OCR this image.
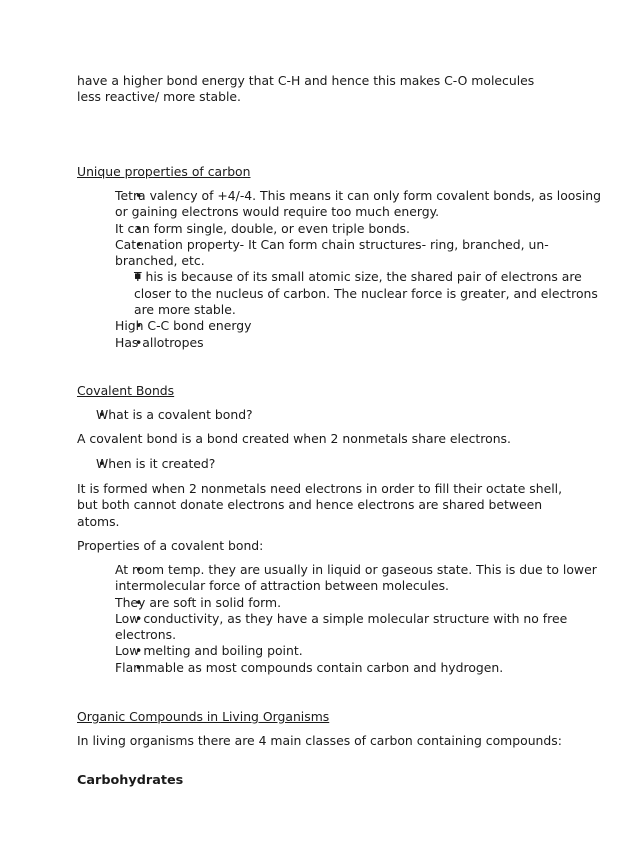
have a higher bond energy that C-H and hence this makes C-O molecules
less reactive/ more stable.

Unique properties of carbon

• Tetra valency of +4/-4. This means it can only form covalent bonds, as loosing or gaining electrons would require too much energy.
• It can form single, double, or even triple bonds.
• Catenation property- It Can form chain structures- ring, branched, un-branched, etc.
▪ T his is because of its small atomic size, the shared pair of electrons are closer to the nucleus of carbon. The nuclear force is greater, and electrons are more stable.
• High C-C bond energy
• Has allotropes

Covalent Bonds

• What is a covalent bond?

A covalent bond is a bond created when 2 nonmetals share electrons.

• When is it created?

It is formed when 2 nonmetals need electrons in order to fill their octate shell, but both cannot donate electrons and hence electrons are shared between atoms.

Properties of a covalent bond:

• At room temp. they are usually in liquid or gaseous state. This is due to lower intermolecular force of attraction between molecules.
• They are soft in solid form.
• Low conductivity, as they have a simple molecular structure with no free electrons.
• Low melting and boiling point.
• Flammable as most compounds contain carbon and hydrogen.

Organic Compounds in Living Organisms

In living organisms there are 4 main classes of carbon containing compounds:

Carbohydrates
